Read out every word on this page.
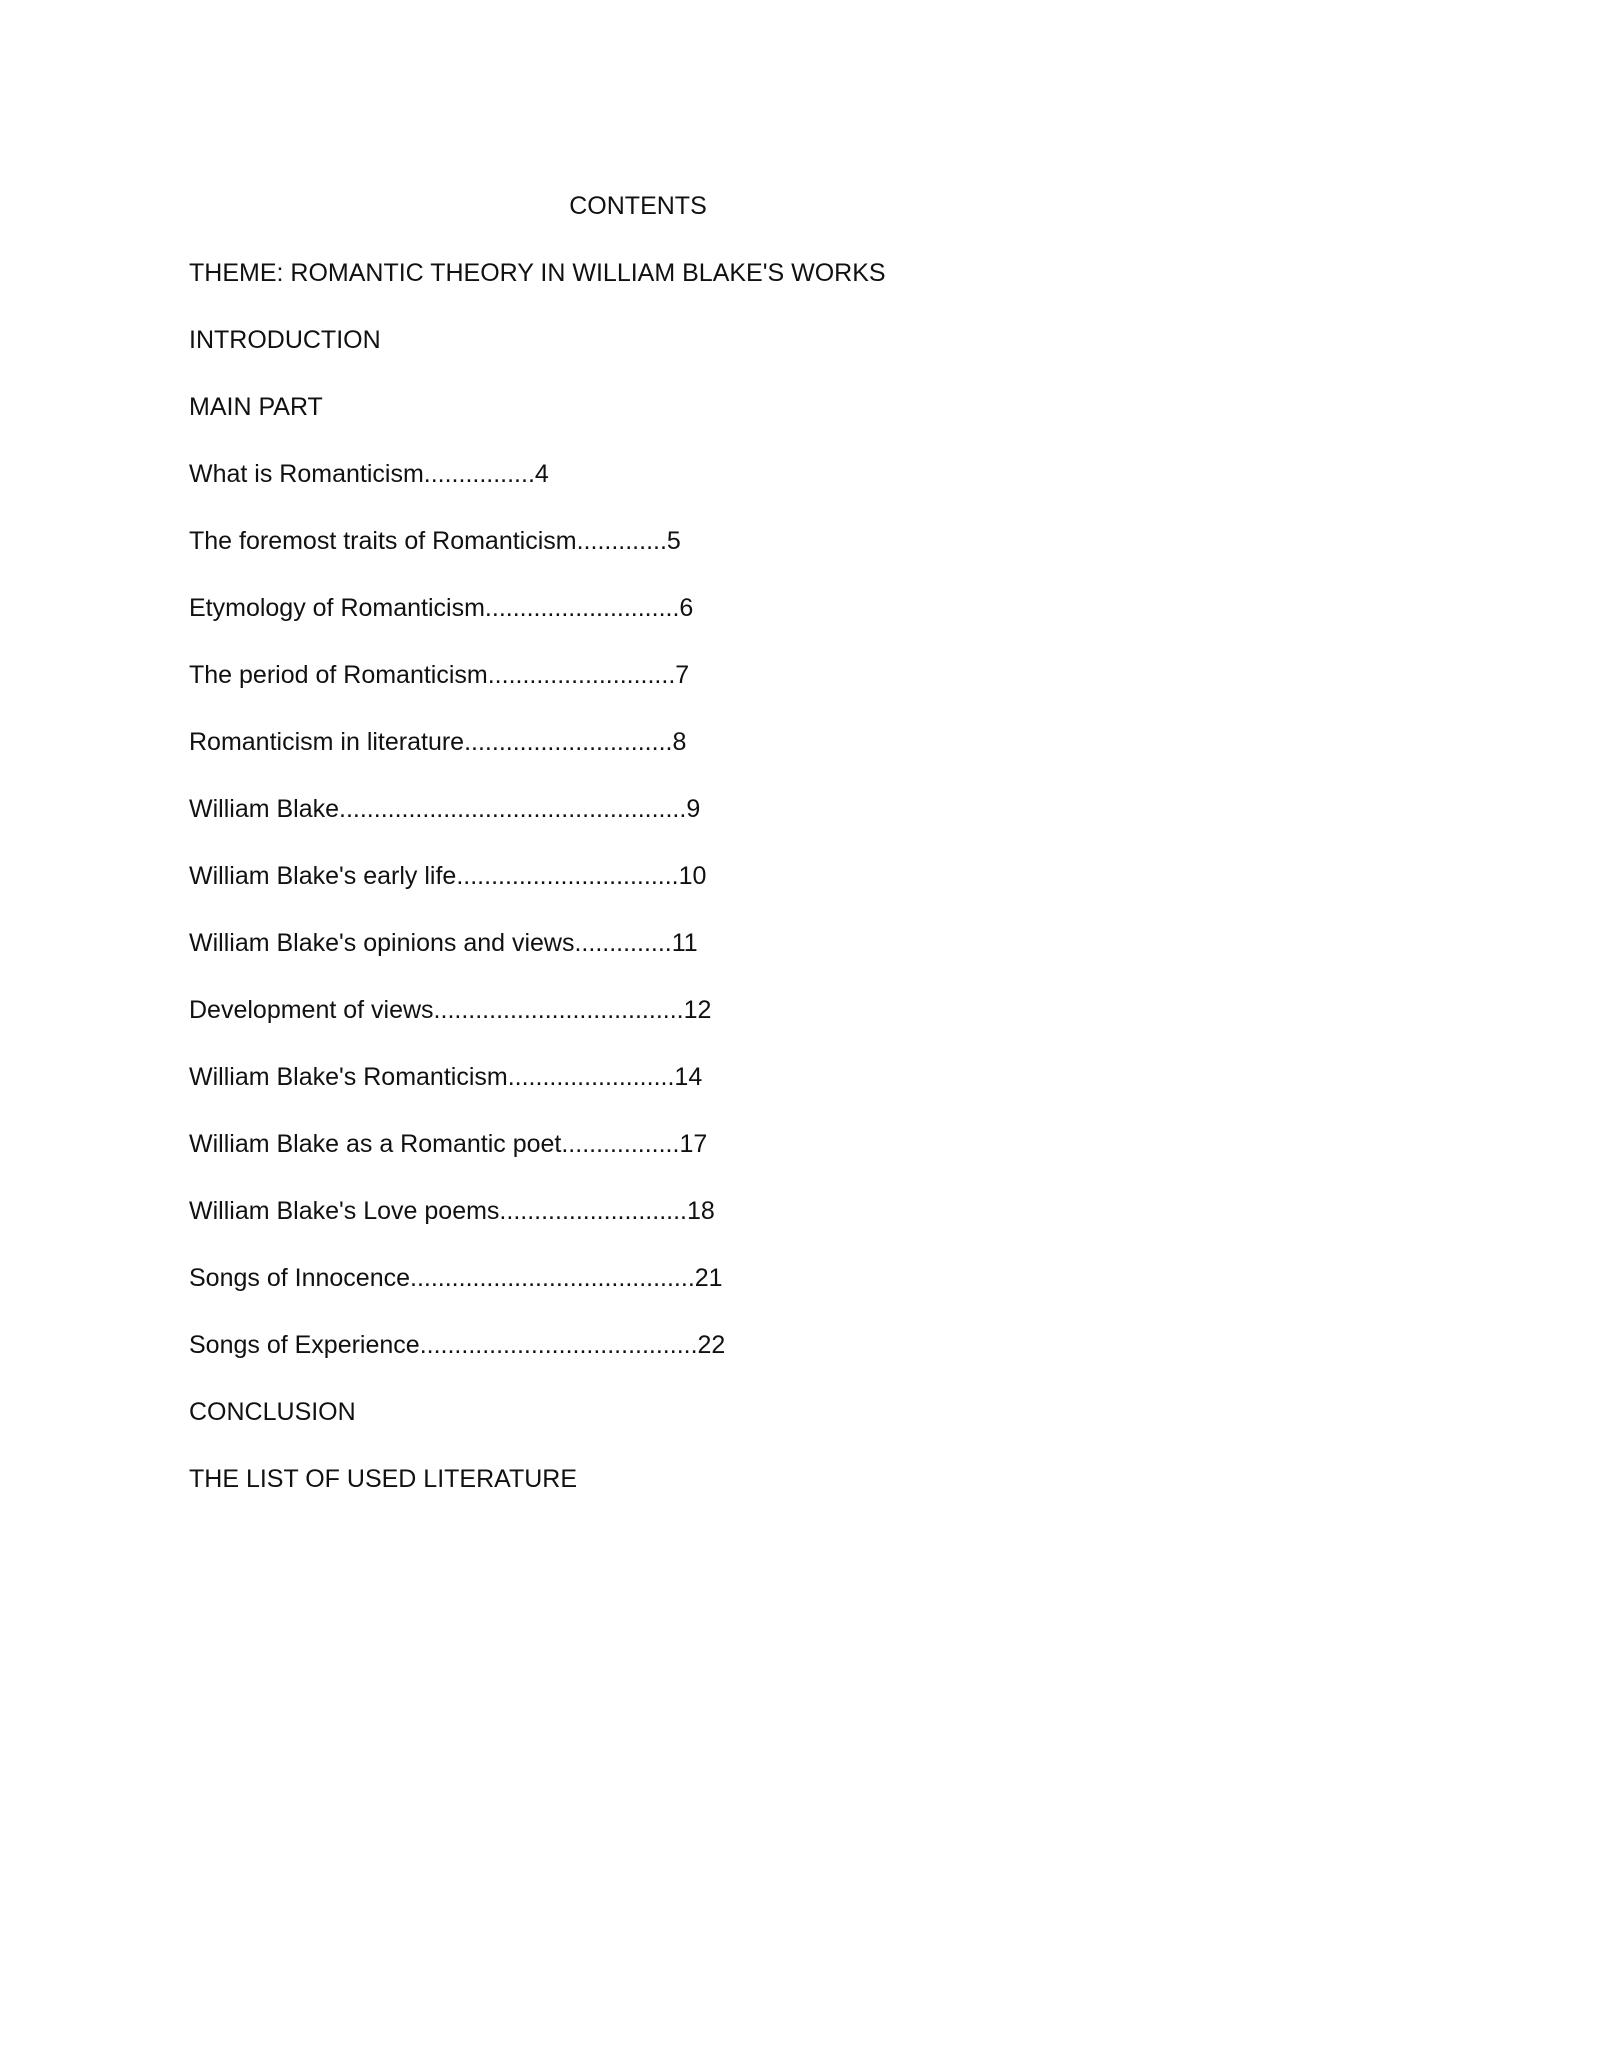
CONTENTS
THEME: ROMANTIC THEORY IN WILLIAM BLAKE'S WORKS
INTRODUCTION
MAIN PART
What is Romanticism................4
The foremost traits of Romanticism.............5
Etymology of Romanticism............................6
The period of Romanticism...........................7
Romanticism in literature..............................8
William Blake..................................................9
William Blake's early life................................10
William Blake's opinions and views..............11
Development of views....................................12
William Blake's Romanticism........................14
William Blake as a Romantic poet.................17
William Blake's Love poems...........................18
Songs of Innocence.........................................21
Songs of Experience........................................22
CONCLUSION
THE LIST OF USED LITERATURE
